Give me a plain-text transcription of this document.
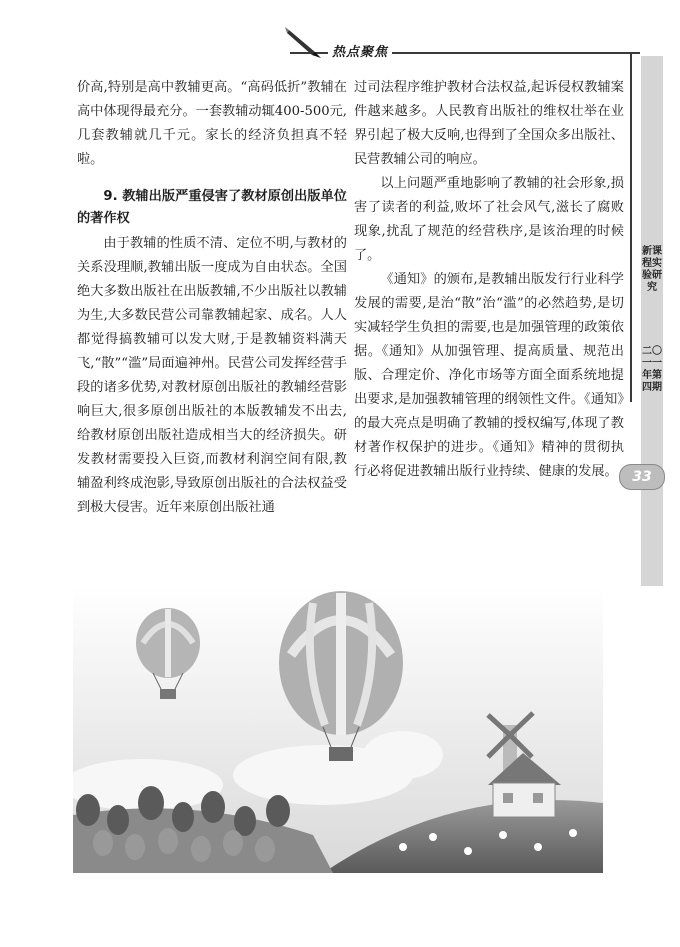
热点聚焦

价高,特别是高中教辅更高。“高码低折”教辅在高中体现得最充分。一套教辅动辄400-500元,几套教辅就几千元。家长的经济负担真不轻啦。

9. 教辅出版严重侵害了教材原创出版单位的著作权

由于教辅的性质不清、定位不明,与教材的关系没理顺,教辅出版一度成为自由状态。全国绝大多数出版社在出版教辅,不少出版社以教辅为生,大多数民营公司靠教辅起家、成名。人人都觉得搞教辅可以发大财,于是教辅资料满天飞,“散”“滥”局面遍神州。民营公司发挥经营手段的诸多优势,对教材原创出版社的教辅经营影响巨大,很多原创出版社的本版教辅发不出去,给教材原创出版社造成相当大的经济损失。研发教材需要投入巨资,而教材利润空间有限,教辅盈利终成泡影,导致原创出版社的合法权益受到极大侵害。近年来原创出版社通

过司法程序维护教材合法权益,起诉侵权教辅案件越来越多。人民教育出版社的维权壮举在业界引起了极大反响,也得到了全国众多出版社、民营教辅公司的响应。

以上问题严重地影响了教辅的社会形象,损害了读者的利益,败坏了社会风气,滋长了腐败现象,扰乱了规范的经营秩序,是该治理的时候了。

《通知》的颁布,是教辅出版发行行业科学发展的需要,是治“散”治“滥”的必然趋势,是切实减轻学生负担的需要,也是加强管理的政策依据。《通知》从加强管理、提高质量、规范出版、合理定价、净化市场等方面全面系统地提出要求,是加强教辅管理的纲领性文件。《通知》的最大亮点是明确了教辅的授权编写,体现了教材著作权保护的进步。《通知》精神的贯彻执行必将促进教辅出版行业持续、健康的发展。

新课程实验研究
二〇一一年第四期
33
